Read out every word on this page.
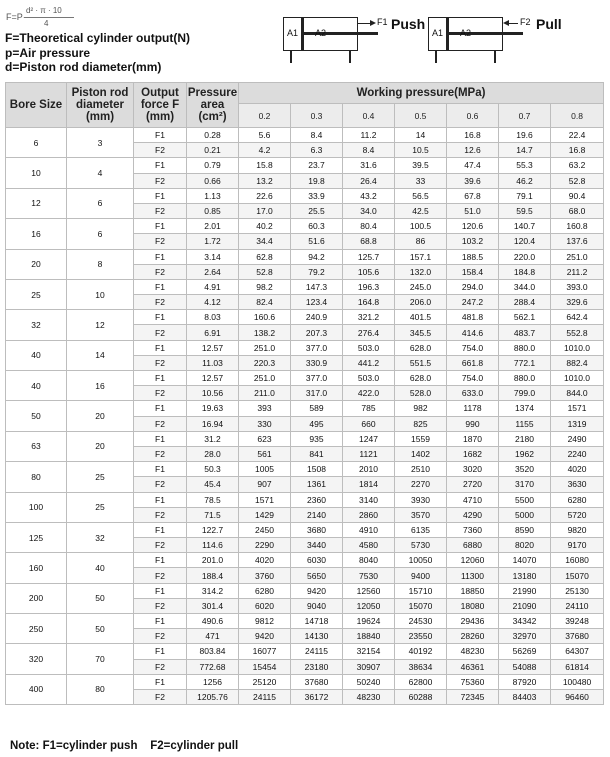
F=P·
d² · π · 10
4
F=Theoretical cylinder output(N)
p=Air pressure
d=Piston rod diameter(mm)
A1 A2
F1 Push
A1 A2
F2 Pull
Bore Size	Piston rod diameter (mm)	Output force F (mm)	Pressure area (cm²)	Working pressure(MPa)						
				0.2	0.3	0.4	0.5	0.6	0.7	0.8
6	3	F1	0.28	5.6	8.4	11.2	14	16.8	19.6	22.4
		F2	0.21	4.2	6.3	8.4	10.5	12.6	14.7	16.8
10	4	F1	0.79	15.8	23.7	31.6	39.5	47.4	55.3	63.2
		F2	0.66	13.2	19.8	26.4	33	39.6	46.2	52.8
12	6	F1	1.13	22.6	33.9	43.2	56.5	67.8	79.1	90.4
		F2	0.85	17.0	25.5	34.0	42.5	51.0	59.5	68.0
16	6	F1	2.01	40.2	60.3	80.4	100.5	120.6	140.7	160.8
		F2	1.72	34.4	51.6	68.8	86	103.2	120.4	137.6
20	8	F1	3.14	62.8	94.2	125.7	157.1	188.5	220.0	251.0
		F2	2.64	52.8	79.2	105.6	132.0	158.4	184.8	211.2
25	10	F1	4.91	98.2	147.3	196.3	245.0	294.0	344.0	393.0
		F2	4.12	82.4	123.4	164.8	206.0	247.2	288.4	329.6
32	12	F1	8.03	160.6	240.9	321.2	401.5	481.8	562.1	642.4
		F2	6.91	138.2	207.3	276.4	345.5	414.6	483.7	552.8
40	14	F1	12.57	251.0	377.0	503.0	628.0	754.0	880.0	1010.0
		F2	11.03	220.3	330.9	441.2	551.5	661.8	772.1	882.4
40	16	F1	12.57	251.0	377.0	503.0	628.0	754.0	880.0	1010.0
		F2	10.56	211.0	317.0	422.0	528.0	633.0	799.0	844.0
50	20	F1	19.63	393	589	785	982	1178	1374	1571
		F2	16.94	330	495	660	825	990	1155	1319
63	20	F1	31.2	623	935	1247	1559	1870	2180	2490
		F2	28.0	561	841	1121	1402	1682	1962	2240
80	25	F1	50.3	1005	1508	2010	2510	3020	3520	4020
		F2	45.4	907	1361	1814	2270	2720	3170	3630
100	25	F1	78.5	1571	2360	3140	3930	4710	5500	6280
		F2	71.5	1429	2140	2860	3570	4290	5000	5720
125	32	F1	122.7	2450	3680	4910	6135	7360	8590	9820
		F2	114.6	2290	3440	4580	5730	6880	8020	9170
160	40	F1	201.0	4020	6030	8040	10050	12060	14070	16080
		F2	188.4	3760	5650	7530	9400	11300	13180	15070
200	50	F1	314.2	6280	9420	12560	15710	18850	21990	25130
		F2	301.4	6020	9040	12050	15070	18080	21090	24110
250	50	F1	490.6	9812	14718	19624	24530	29436	34342	39248
		F2	471	9420	14130	18840	23550	28260	32970	37680
320	70	F1	803.84	16077	24115	32154	40192	48230	56269	64307
		F2	772.68	15454	23180	30907	38634	46361	54088	61814
400	80	F1	1256	25120	37680	50240	62800	75360	87920	100480
		F2	1205.76	24115	36172	48230	60288	72345	84403	96460
Note: F1=cylinder push    F2=cylinder pull
